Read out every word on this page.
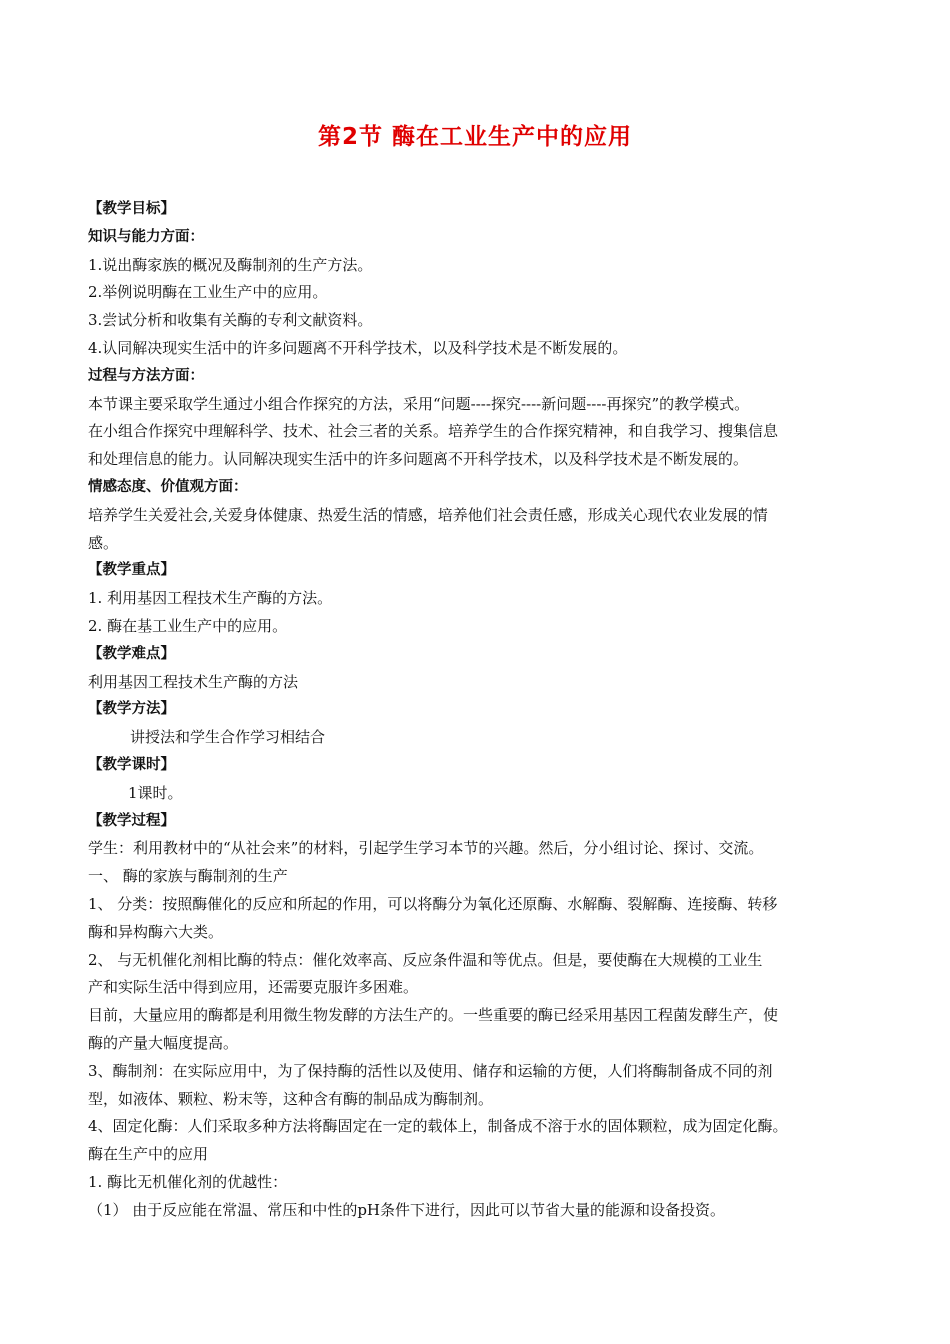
第2节 酶在工业生产中的应用
【教学目标】
知识与能力方面：
1.说出酶家族的概况及酶制剂的生产方法。
2.举例说明酶在工业生产中的应用。
3.尝试分析和收集有关酶的专利文献资料。
4.认同解决现实生活中的许多问题离不开科学技术，以及科学技术是不断发展的。
过程与方法方面：
本节课主要采取学生通过小组合作探究的方法，采用“问题----探究----新问题----再探究”的教学模式。
在小组合作探究中理解科学、技术、社会三者的关系。培养学生的合作探究精神，和自我学习、搜集信息
和处理信息的能力。认同解决现实生活中的许多问题离不开科学技术，以及科学技术是不断发展的。
情感态度、价值观方面：
培养学生关爱社会,关爱身体健康、热爱生活的情感，培养他们社会责任感，形成关心现代农业发展的情
感。
【教学重点】
1. 利用基因工程技术生产酶的方法。
2. 酶在基工业生产中的应用。
【教学难点】
利用基因工程技术生产酶的方法
【教学方法】
讲授法和学生合作学习相结合
【教学课时】
1课时。
【教学过程】
学生：利用教材中的“从社会来”的材料，引起学生学习本节的兴趣。然后，分小组讨论、探讨、交流。
一、 酶的家族与酶制剂的生产
1、 分类：按照酶催化的反应和所起的作用，可以将酶分为氧化还原酶、水解酶、裂解酶、连接酶、转移
酶和异构酶六大类。
2、 与无机催化剂相比酶的特点：催化效率高、反应条件温和等优点。但是，要使酶在大规模的工业生
产和实际生活中得到应用，还需要克服许多困难。
目前，大量应用的酶都是利用微生物发酵的方法生产的。一些重要的酶已经采用基因工程菌发酵生产，使
酶的产量大幅度提高。
3、酶制剂：在实际应用中，为了保持酶的活性以及使用、储存和运输的方便，人们将酶制备成不同的剂
型，如液体、颗粒、粉末等，这种含有酶的制品成为酶制剂。
4、固定化酶：人们采取多种方法将酶固定在一定的载体上，制备成不溶于水的固体颗粒，成为固定化酶。
酶在生产中的应用
1. 酶比无机催化剂的优越性：
（1） 由于反应能在常温、常压和中性的pH条件下进行，因此可以节省大量的能源和设备投资。
